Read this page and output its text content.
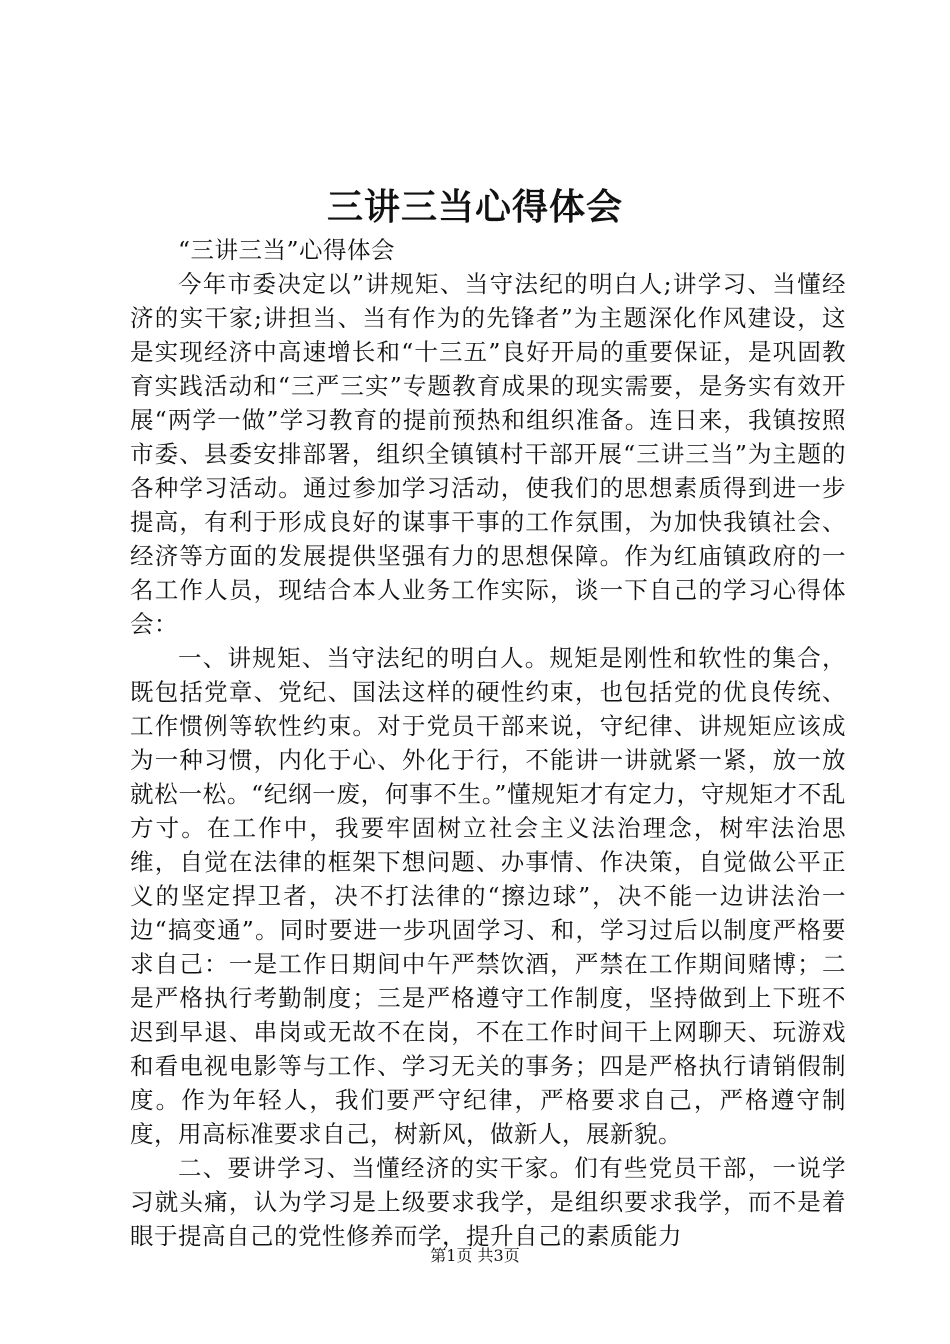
三讲三当心得体会

“三讲三当”心得体会

今年市委决定以”讲规矩、当守法纪的明白人;讲学习、当懂经济的实干家;讲担当、当有作为的先锋者”为主题深化作风建设，这是实现经济中高速增长和“十三五”良好开局的重要保证，是巩固教育实践活动和“三严三实”专题教育成果的现实需要，是务实有效开展“两学一做”学习教育的提前预热和组织准备。连日来，我镇按照市委、县委安排部署，组织全镇镇村干部开展“三讲三当”为主题的各种学习活动。通过参加学习活动，使我们的思想素质得到进一步提高，有利于形成良好的谋事干事的工作氛围，为加快我镇社会、经济等方面的发展提供坚强有力的思想保障。作为红庙镇政府的一名工作人员，现结合本人业务工作实际，谈一下自己的学习心得体会：

一、讲规矩、当守法纪的明白人。规矩是刚性和软性的集合，既包括党章、党纪、国法这样的硬性约束，也包括党的优良传统、工作惯例等软性约束。对于党员干部来说，守纪律、讲规矩应该成为一种习惯，内化于心、外化于行，不能讲一讲就紧一紧，放一放就松一松。“纪纲一废，何事不生。”懂规矩才有定力，守规矩才不乱方寸。在工作中，我要牢固树立社会主义法治理念，树牢法治思维，自觉在法律的框架下想问题、办事情、作决策，自觉做公平正义的坚定捍卫者，决不打法律的“擦边球”，决不能一边讲法治一边“搞变通”。同时要进一步巩固学习、和，学习过后以制度严格要求自己：一是工作日期间中午严禁饮酒，严禁在工作期间赌博；二是严格执行考勤制度；三是严格遵守工作制度，坚持做到上下班不迟到早退、串岗或无故不在岗，不在工作时间干上网聊天、玩游戏和看电视电影等与工作、学习无关的事务；四是严格执行请销假制度。作为年轻人，我们要严守纪律，严格要求自己，严格遵守制度，用高标准要求自己，树新风，做新人，展新貌。

二、要讲学习、当懂经济的实干家。们有些党员干部，一说学习就头痛，认为学习是上级要求我学，是组织要求我学，而不是着眼于提高自己的党性修养而学，提升自己的素质能力

第1页 共3页
